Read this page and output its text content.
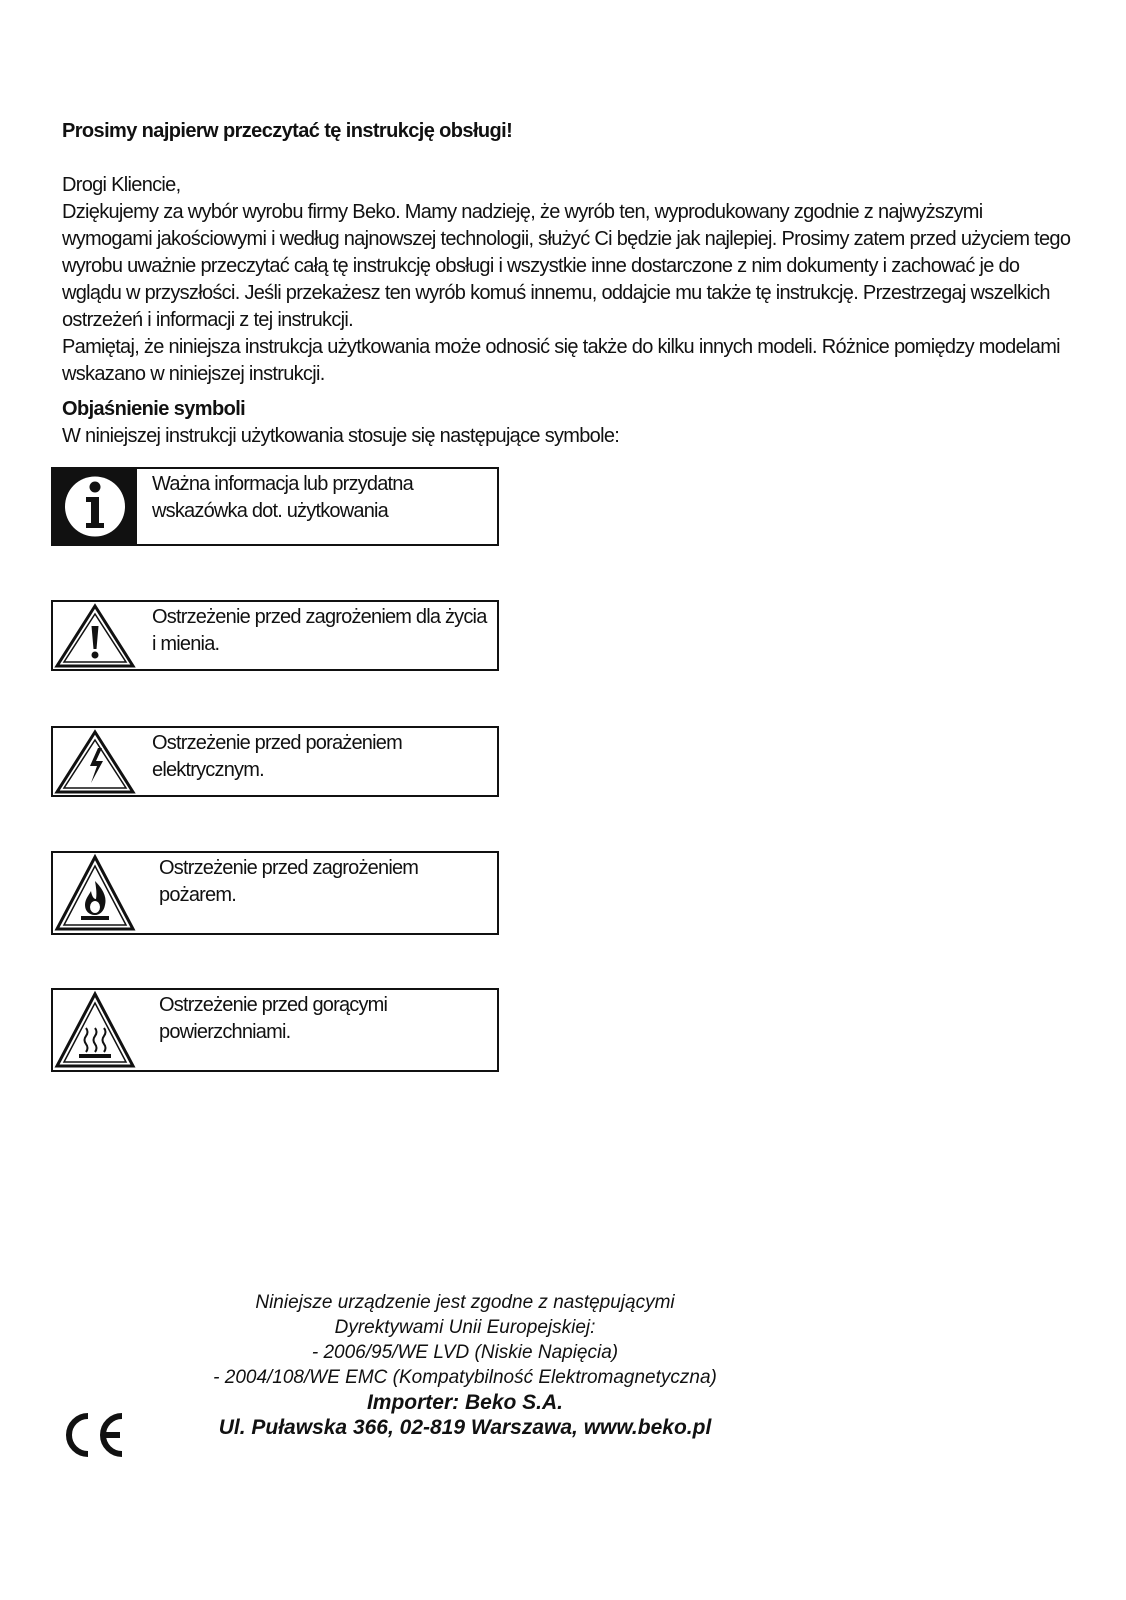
Prosimy najpierw przeczytać tę instrukcję obsługi!

Drogi Kliencie,

Dziękujemy za wybór wyrobu firmy Beko. Mamy nadzieję, że wyrób ten, wyprodukowany zgodnie z najwyższymi wymogami jakościowymi i według najnowszej technologii, służyć Ci będzie jak najlepiej. Prosimy zatem przed użyciem tego wyrobu uważnie przeczytać całą tę instrukcję obsługi i wszystkie inne dostarczone z nim dokumenty i zachować je do wglądu w przyszłości. Jeśli przekażesz ten wyrób komuś innemu, oddajcie mu także tę instrukcję. Przestrzegaj wszelkich ostrzeżeń i informacji z tej instrukcji.

Pamiętaj, że niniejsza instrukcja użytkowania może odnosić się także do kilku innych modeli. Różnice pomiędzy modelami wskazano w niniejszej instrukcji.

Objaśnienie symboli
W niniejszej instrukcji użytkowania stosuje się następujące symbole:
Ważna informacja lub przydatna
wskazówka dot. użytkowania
Ostrzeżenie przed zagrożeniem dla życia
i mienia.
Ostrzeżenie przed porażeniem
elektrycznym.
Ostrzeżenie przed zagrożeniem
pożarem.
Ostrzeżenie przed gorącymi
powierzchniami.
Niniejsze urządzenie jest zgodne z następującymi
Dyrektywami Unii Europejskiej:
- 2006/95/WE LVD (Niskie Napięcia)
- 2004/108/WE EMC (Kompatybilność Elektromagnetyczna)
Importer: Beko S.A.
Ul. Puławska 366, 02-819 Warszawa, www.beko.pl
